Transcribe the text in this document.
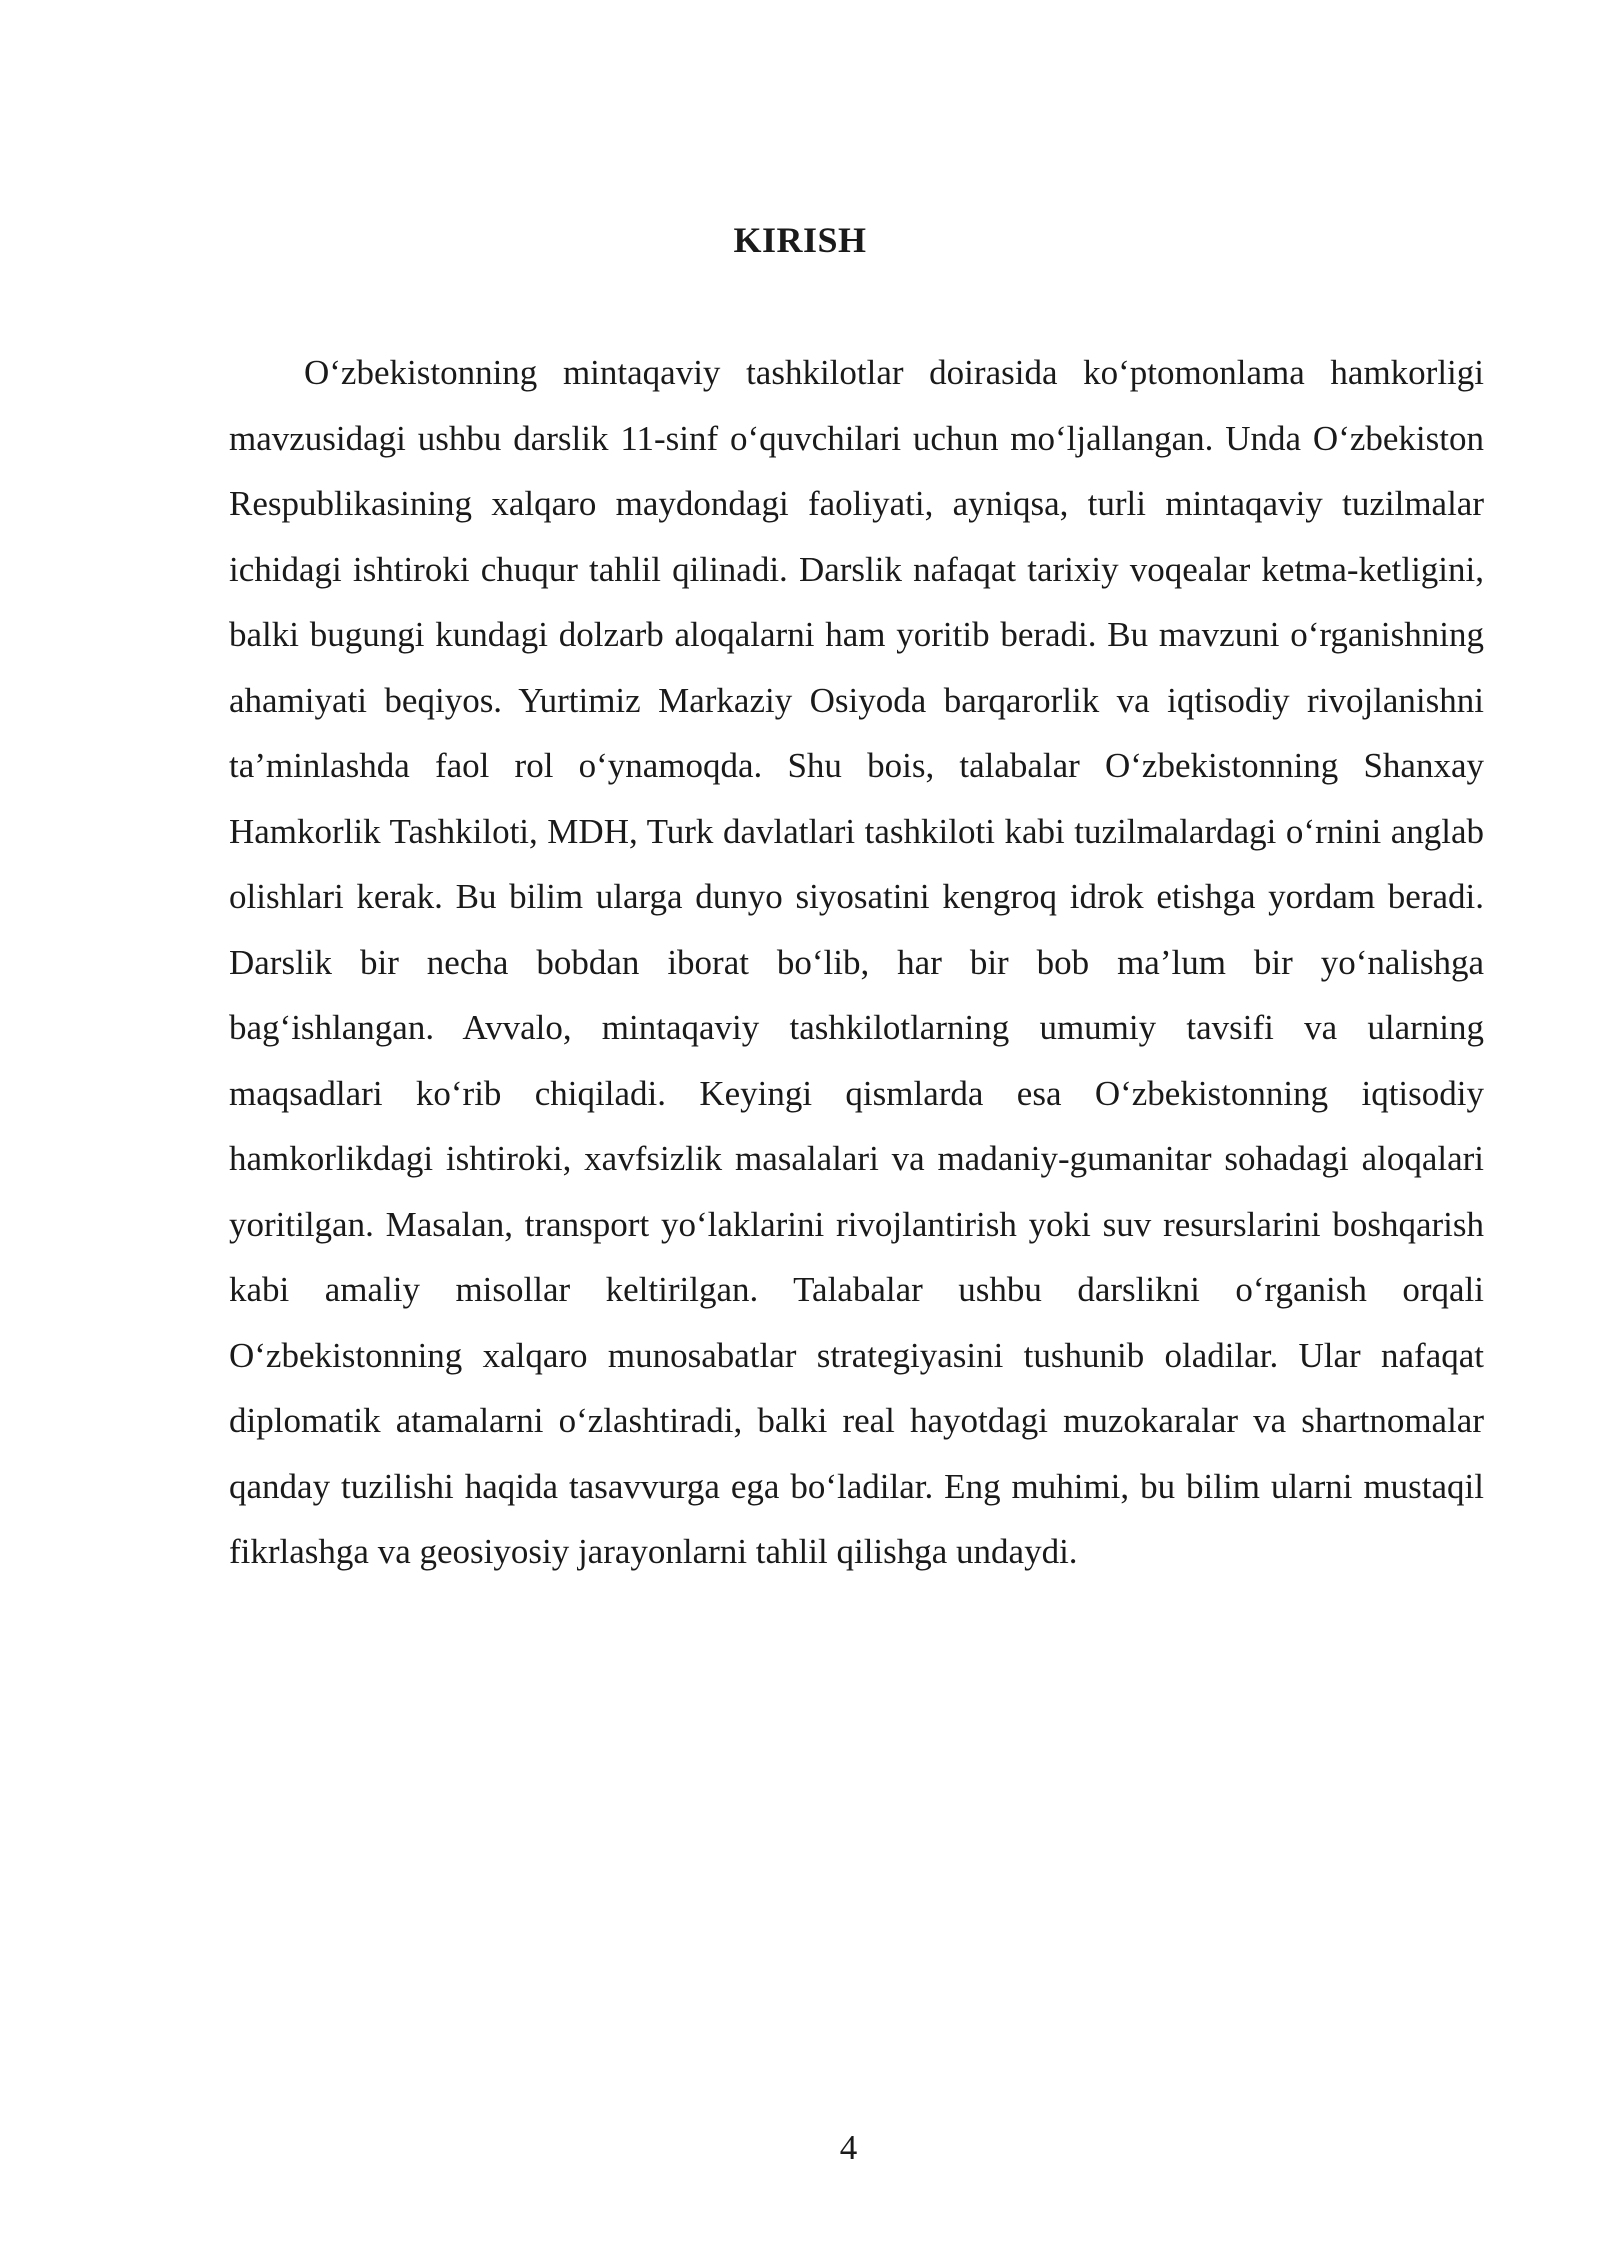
KIRISH

O‘zbekistonning mintaqaviy tashkilotlar doirasida ko‘ptomonlama hamkorligi mavzusidagi ushbu darslik 11-sinf o‘quvchilari uchun mo‘ljallangan. Unda O‘zbekiston Respublikasining xalqaro maydondagi faoliyati, ayniqsa, turli mintaqaviy tuzilmalar ichidagi ishtiroki chuqur tahlil qilinadi. Darslik nafaqat tarixiy voqealar ketma-ketligini, balki bugungi kundagi dolzarb aloqalarni ham yoritib beradi. Bu mavzuni o‘rganishning ahamiyati beqiyos. Yurtimiz Markaziy Osiyoda barqarorlik va iqtisodiy rivojlanishni ta’minlashda faol rol o‘ynamoqda. Shu bois, talabalar O‘zbekistonning Shanxay Hamkorlik Tashkiloti, MDH, Turk davlatlari tashkiloti kabi tuzilmalardagi o‘rnini anglab olishlari kerak. Bu bilim ularga dunyo siyosatini kengroq idrok etishga yordam beradi. Darslik bir necha bobdan iborat bo‘lib, har bir bob ma’lum bir yo‘nalishga bag‘ishlangan. Avvalo, mintaqaviy tashkilotlarning umumiy tavsifi va ularning maqsadlari ko‘rib chiqiladi. Keyingi qismlarda esa O‘zbekistonning iqtisodiy hamkorlikdagi ishtiroki, xavfsizlik masalalari va madaniy-gumanitar sohadagi aloqalari yoritilgan. Masalan, transport yo‘laklarini rivojlantirish yoki suv resurslarini boshqarish kabi amaliy misollar keltirilgan. Talabalar ushbu darslikni o‘rganish orqali O‘zbekistonning xalqaro munosabatlar strategiyasini tushunib oladilar. Ular nafaqat diplomatik atamalarni o‘zlashtiradi, balki real hayotdagi muzokaralar va shartnomalar qanday tuzilishi haqida tasavvurga ega bo‘ladilar. Eng muhimi, bu bilim ularni mustaqil fikrlashga va geosiyosiy jarayonlarni tahlil qilishga undaydi.

4
